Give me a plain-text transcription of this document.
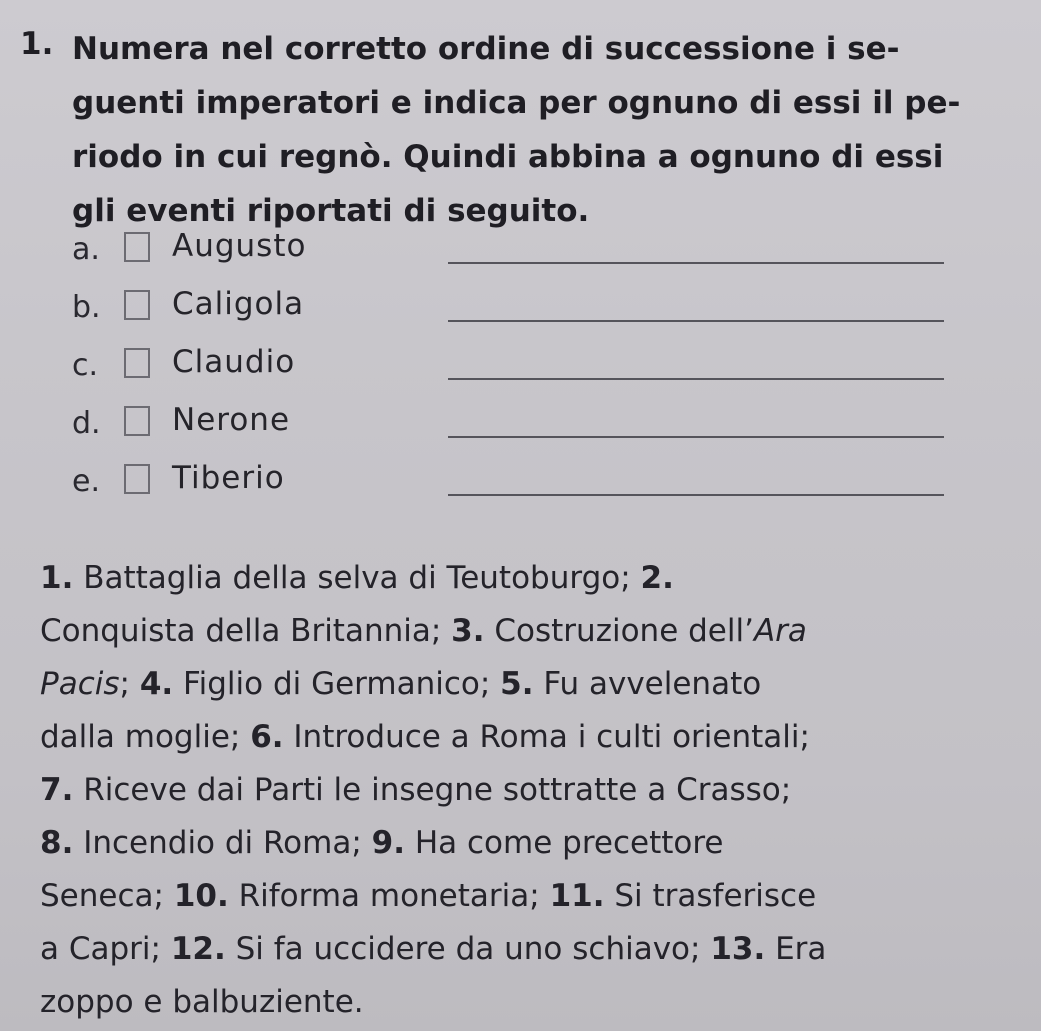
1. Numera nel corretto ordine di successione i se-
guenti imperatori e indica per ognuno di essi il pe-
riodo in cui regnò. Quindi abbina a ognuno di essi
gli eventi riportati di seguito.

a. Augusto
b. Caligola
c. Claudio
d. Nerone
e. Tiberio

1. Battaglia della selva di Teutoburgo; 2.
Conquista della Britannia; 3. Costruzione dell’Ara
Pacis; 4. Figlio di Germanico; 5. Fu avvelenato
dalla moglie; 6. Introduce a Roma i culti orientali;
7. Riceve dai Parti le insegne sottratte a Crasso;
8. Incendio di Roma; 9. Ha come precettore
Seneca; 10. Riforma monetaria; 11. Si trasferisce
a Capri; 12. Si fa uccidere da uno schiavo; 13. Era
zoppo e balbuziente.
